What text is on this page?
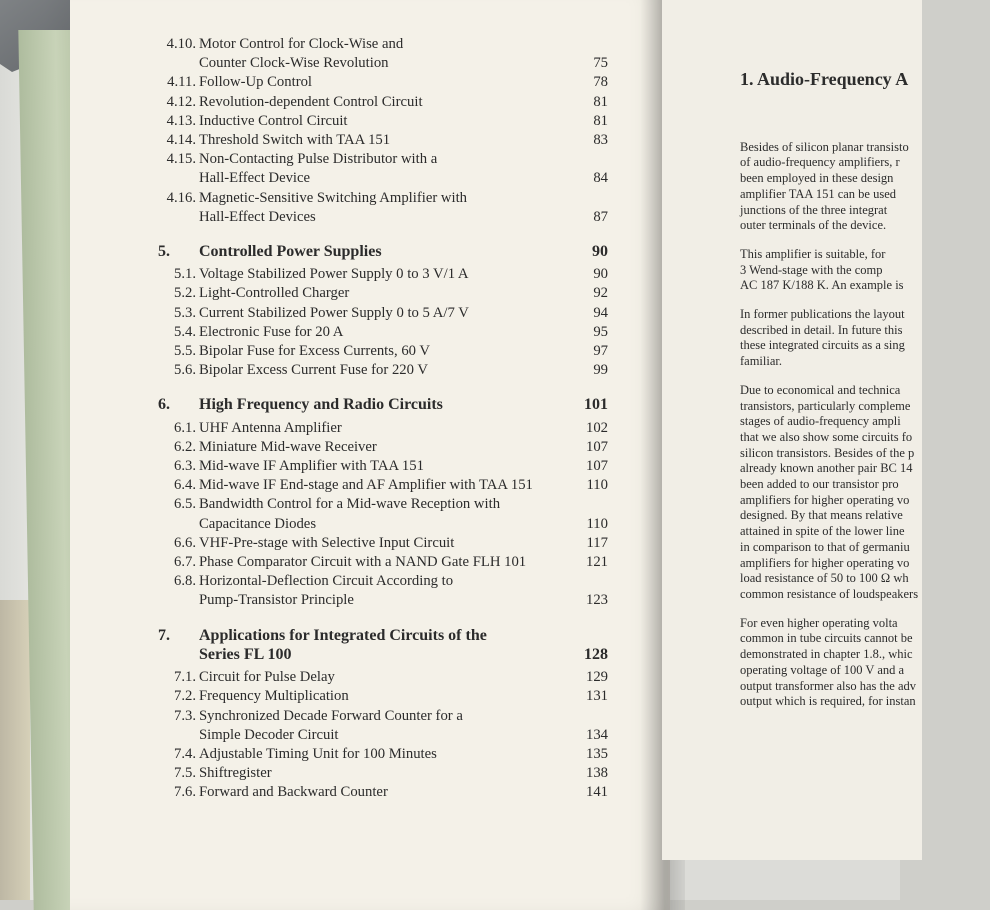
4.10. Motor Control for Clock-Wise and
Counter Clock-Wise Revolution	75
4.11. Follow-Up Control	78
4.12. Revolution-dependent Control Circuit	81
4.13. Inductive Control Circuit	81
4.14. Threshold Switch with TAA 151	83
4.15. Non-Contacting Pulse Distributor with a
Hall-Effect Device	84
4.16. Magnetic-Sensitive Switching Amplifier with
Hall-Effect Devices	87
5.	Controlled Power Supplies	90
5.1. Voltage Stabilized Power Supply 0 to 3 V/1 A	90
5.2. Light-Controlled Charger	92
5.3. Current Stabilized Power Supply 0 to 5 A/7 V	94
5.4. Electronic Fuse for 20 A	95
5.5. Bipolar Fuse for Excess Currents, 60 V	97
5.6. Bipolar Excess Current Fuse for 220 V	99
6.	High Frequency and Radio Circuits	101
6.1. UHF Antenna Amplifier	102
6.2. Miniature Mid-wave Receiver	107
6.3. Mid-wave IF Amplifier with TAA 151	107
6.4. Mid-wave IF End-stage and AF Amplifier with TAA 151	110
6.5. Bandwidth Control for a Mid-wave Reception with
Capacitance Diodes	110
6.6. VHF-Pre-stage with Selective Input Circuit	117
6.7. Phase Comparator Circuit with a NAND Gate FLH 101	121
6.8. Horizontal-Deflection Circuit According to
Pump-Transistor Principle	123
7.	Applications for Integrated Circuits of the
Series FL 100	128
7.1. Circuit for Pulse Delay	129
7.2. Frequency Multiplication	131
7.3. Synchronized Decade Forward Counter for a
Simple Decoder Circuit	134
7.4. Adjustable Timing Unit for 100 Minutes	135
7.5. Shiftregister	138
7.6. Forward and Backward Counter	141
1. Audio-Frequency A

Besides of silicon planar transisto
of audio-frequency amplifiers, r
been employed in these design
amplifier TAA 151 can be used
junctions of the three integrat
outer terminals of the device.

This amplifier is suitable, for
3 Wend-stage with the comp
AC 187 K/188 K. An example is

In former publications the layout
described in detail. In future this
these integrated circuits as a sing
familiar.

Due to economical and technica
transistors, particularly compleme
stages of audio-frequency ampli
that we also show some circuits fo
silicon transistors. Besides of the p
already known another pair BC 14
been added to our transistor pro
amplifiers for higher operating vo
designed. By that means relative
attained in spite of the lower line
in comparison to that of germaniu
amplifiers for higher operating vo
load resistance of 50 to 100 Ω wh
common resistance of loudspeakers

For even higher operating volta
common in tube circuits cannot be
demonstrated in chapter 1.8., whic
operating voltage of 100 V and a
output transformer also has the adv
output which is required, for instan
